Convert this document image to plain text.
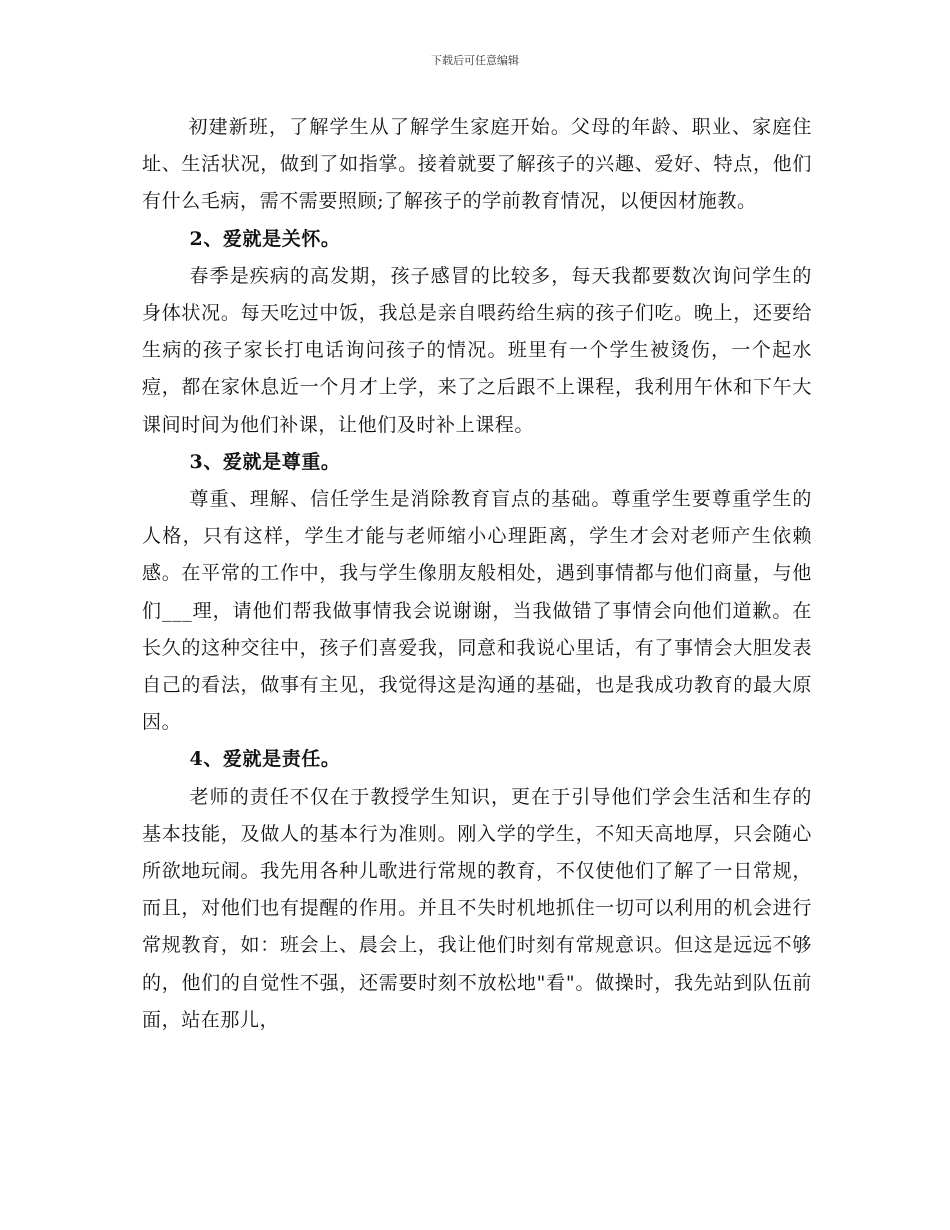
下载后可任意编辑

初建新班，了解学生从了解学生家庭开始。父母的年龄、职业、家庭住址、生活状况，做到了如指掌。接着就要了解孩子的兴趣、爱好、特点，他们有什么毛病，需不需要照顾;了解孩子的学前教育情况，以便因材施教。

2、爱就是关怀。

春季是疾病的高发期，孩子感冒的比较多，每天我都要数次询问学生的身体状况。每天吃过中饭，我总是亲自喂药给生病的孩子们吃。晚上，还要给生病的孩子家长打电话询问孩子的情况。班里有一个学生被烫伤，一个起水痘，都在家休息近一个月才上学，来了之后跟不上课程，我利用午休和下午大课间时间为他们补课，让他们及时补上课程。

3、爱就是尊重。

尊重、理解、信任学生是消除教育盲点的基础。尊重学生要尊重学生的人格，只有这样，学生才能与老师缩小心理距离，学生才会对老师产生依赖感。在平常的工作中，我与学生像朋友般相处，遇到事情都与他们商量，与他们___理，请他们帮我做事情我会说谢谢，当我做错了事情会向他们道歉。在长久的这种交往中，孩子们喜爱我，同意和我说心里话，有了事情会大胆发表自己的看法，做事有主见，我觉得这是沟通的基础，也是我成功教育的最大原因。

4、爱就是责任。

老师的责任不仅在于教授学生知识，更在于引导他们学会生活和生存的基本技能，及做人的基本行为准则。刚入学的学生，不知天高地厚，只会随心所欲地玩闹。我先用各种儿歌进行常规的教育，不仅使他们了解了一日常规，而且，对他们也有提醒的作用。并且不失时机地抓住一切可以利用的机会进行常规教育，如：班会上、晨会上，我让他们时刻有常规意识。但这是远远不够的，他们的自觉性不强，还需要时刻不放松地"看"。做操时，我先站到队伍前面，站在那儿，
